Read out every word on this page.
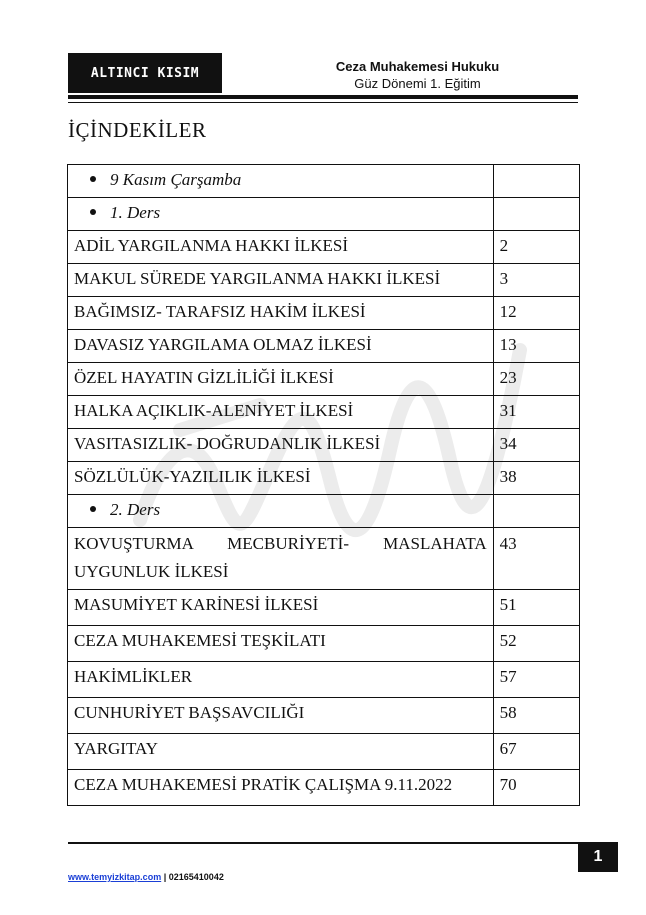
ALTINCI KISIM	Ceza Muhakemesi Hukuku
Güz Dönemi 1. Eğitim
İÇİNDEKİLER
9 Kasım Çarşamba	
1. Ders	
ADİL YARGILANMA HAKKI İLKESİ	2
MAKUL SÜREDE YARGILANMA HAKKI İLKESİ	3
BAĞIMSIZ- TARAFSIZ HAKİM İLKESİ	12
DAVASIZ YARGILAMA OLMAZ İLKESİ	13
ÖZEL HAYATIN GİZLİLİĞİ İLKESİ	23
HALKA AÇIKLIK-ALENİYET İLKESİ	31
VASITASIZLIK- DOĞRUDANLIK İLKESİ	34
SÖZLÜLÜK-YAZILILIK İLKESİ	38
2. Ders	
KOVUŞTURMA MECBURİYETİ- MASLAHATA UYGUNLUK İLKESİ	43
MASUMİYET KARİNESİ İLKESİ	51
CEZA MUHAKEMESİ TEŞKİLATI	52
HAKİMLİKLER	57
CUNHURİYET BAŞSAVCILIĞI	58
YARGITAY	67
CEZA MUHAKEMESİ PRATİK ÇALIŞMA 9.11.2022	70
1
www.temyizkitap.com | 02165410042
